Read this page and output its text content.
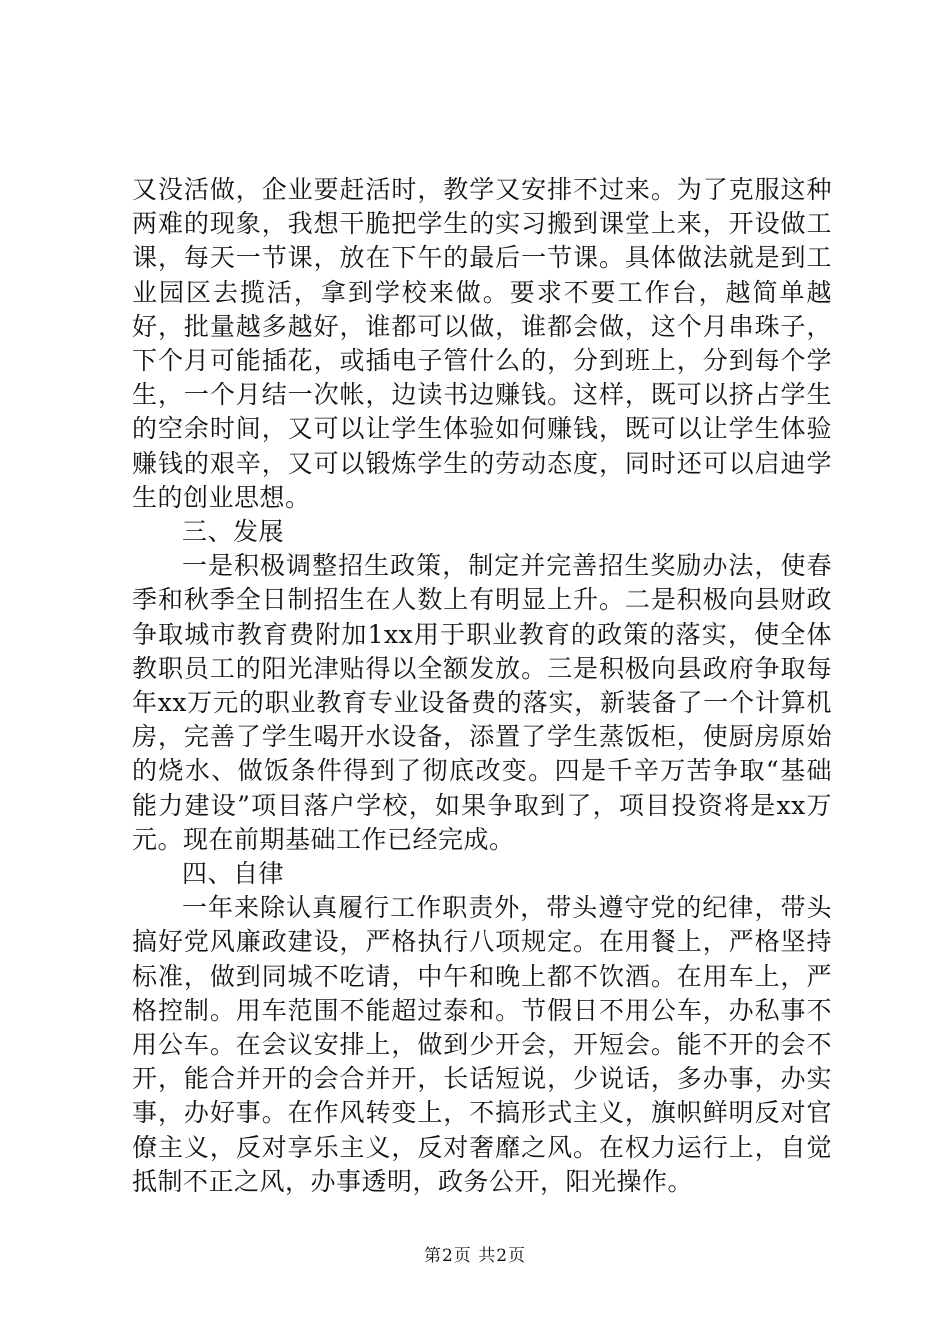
又没活做，企业要赶活时，教学又安排不过来。为了克服这种两难的现象，我想干脆把学生的实习搬到课堂上来，开设做工课，每天一节课，放在下午的最后一节课。具体做法就是到工业园区去揽活，拿到学校来做。要求不要工作台，越简单越好，批量越多越好，谁都可以做，谁都会做，这个月串珠子，下个月可能插花，或插电子管什么的，分到班上，分到每个学生，一个月结一次帐，边读书边赚钱。这样，既可以挤占学生的空余时间，又可以让学生体验如何赚钱，既可以让学生体验赚钱的艰辛，又可以锻炼学生的劳动态度，同时还可以启迪学生的创业思想。

三、发展

一是积极调整招生政策，制定并完善招生奖励办法，使春季和秋季全日制招生在人数上有明显上升。二是积极向县财政争取城市教育费附加1xx用于职业教育的政策的落实，使全体教职员工的阳光津贴得以全额发放。三是积极向县政府争取每年xx万元的职业教育专业设备费的落实，新装备了一个计算机房，完善了学生喝开水设备，添置了学生蒸饭柜，使厨房原始的烧水、做饭条件得到了彻底改变。四是千辛万苦争取“基础能力建设”项目落户学校，如果争取到了，项目投资将是xx万元。现在前期基础工作已经完成。

四、自律

一年来除认真履行工作职责外，带头遵守党的纪律，带头搞好党风廉政建设，严格执行八项规定。在用餐上，严格坚持标准，做到同城不吃请，中午和晚上都不饮酒。在用车上，严格控制。用车范围不能超过泰和。节假日不用公车，办私事不用公车。在会议安排上，做到少开会，开短会。能不开的会不开，能合并开的会合并开，长话短说，少说话，多办事，办实事，办好事。在作风转变上，不搞形式主义，旗帜鲜明反对官僚主义，反对享乐主义，反对奢靡之风。在权力运行上，自觉抵制不正之风，办事透明，政务公开，阳光操作。

第2页 共2页
